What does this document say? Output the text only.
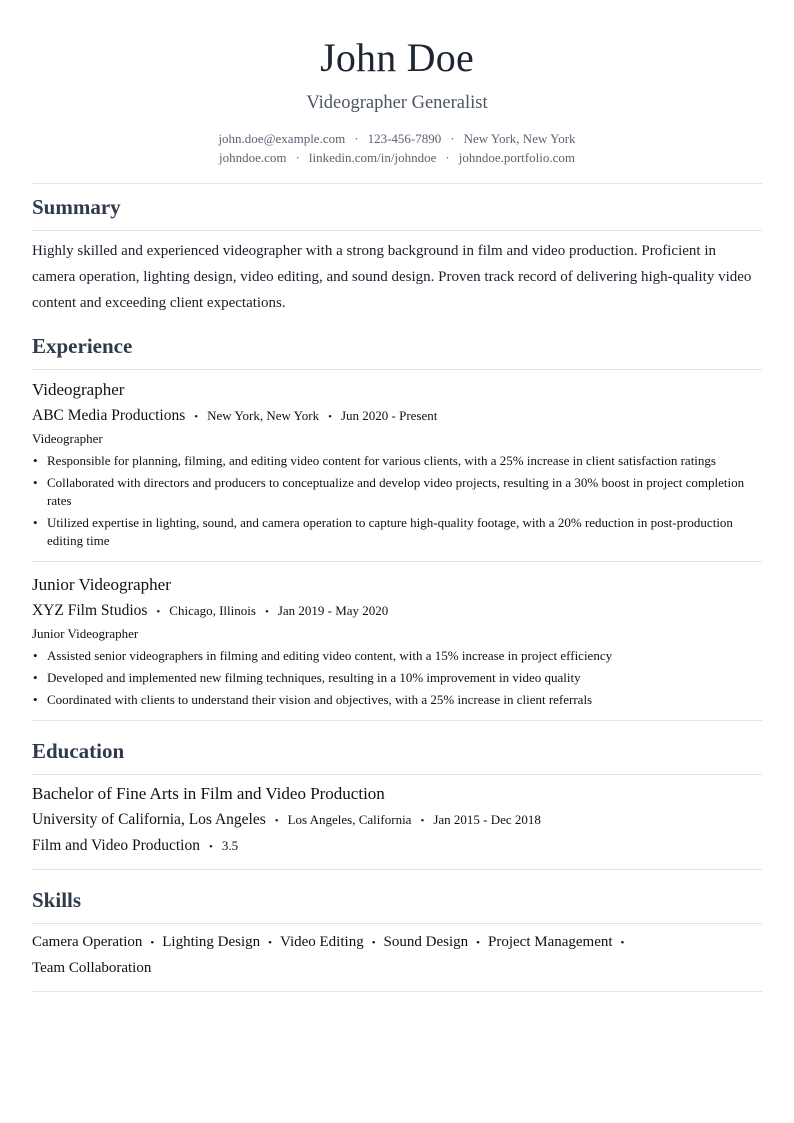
John Doe
Videographer Generalist
john.doe@example.com · 123-456-7890 · New York, New York
johndoe.com · linkedin.com/in/johndoe · johndoe.portfolio.com
Summary

Highly skilled and experienced videographer with a strong background in film and video production. Proficient in camera operation, lighting design, video editing, and sound design. Proven track record of delivering high-quality video content and exceeding client expectations.

Experience
Videographer
ABC Media Productions • New York, New York • Jun 2020 - Present
Videographer
• Responsible for planning, filming, and editing video content for various clients, with a 25% increase in client satisfaction ratings
• Collaborated with directors and producers to conceptualize and develop video projects, resulting in a 30% boost in project completion rates
• Utilized expertise in lighting, sound, and camera operation to capture high-quality footage, with a 20% reduction in post-production editing time
Junior Videographer
XYZ Film Studios • Chicago, Illinois • Jan 2019 - May 2020
Junior Videographer
• Assisted senior videographers in filming and editing video content, with a 15% increase in project efficiency
• Developed and implemented new filming techniques, resulting in a 10% improvement in video quality
• Coordinated with clients to understand their vision and objectives, with a 25% increase in client referrals
Education
Bachelor of Fine Arts in Film and Video Production
University of California, Los Angeles • Los Angeles, California • Jan 2015 - Dec 2018
Film and Video Production • 3.5
Skills
Camera Operation • Lighting Design • Video Editing • Sound Design • Project Management •
Team Collaboration
